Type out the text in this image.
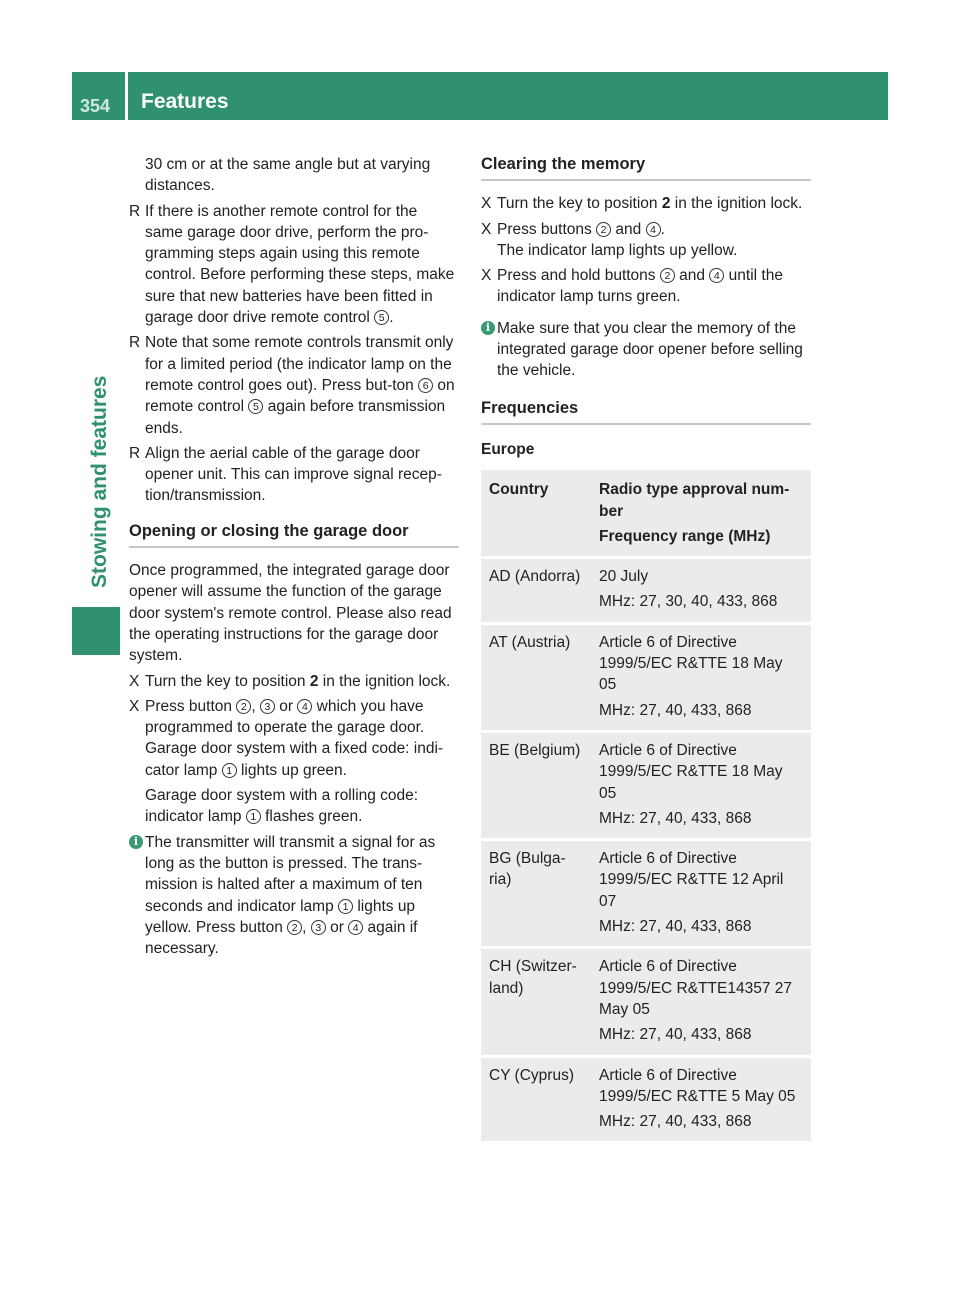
354 Features
Stowing and features

30 cm or at the same angle but at varying distances.

R If there is another remote control for the same garage door drive, perform the pro-gramming steps again using this remote control. Before performing these steps, make sure that new batteries have been fitted in garage door drive remote control 5 .
R Note that some remote controls transmit only for a limited period (the indicator lamp on the remote control goes out). Press but-ton 6 on remote control 5 again before transmission ends.
R Align the aerial cable of the garage door opener unit. This can improve signal recep-tion/transmission.
Opening or closing the garage door

Once programmed, the integrated garage door opener will assume the function of the garage door system's remote control. Please also read the operating instructions for the garage door system.

X Turn the key to position 2 in the ignition lock.
X Press button 2 , 3 or 4 which you have programmed to operate the garage door. Garage door system with a fixed code: indi-cator lamp 1 lights up green.
Garage door system with a rolling code: indicator lamp 1 flashes green.
i The transmitter will transmit a signal for as long as the button is pressed. The trans-mission is halted after a maximum of ten seconds and indicator lamp 1 lights up yellow. Press button 2 , 3 or 4 again if necessary.
Clearing the memory
X Turn the key to position 2 in the ignition lock.
X Press buttons 2 and 4 .
The indicator lamp lights up yellow.
X Press and hold buttons 2 and 4 until the indicator lamp turns green.
i Make sure that you clear the memory of the integrated garage door opener before selling the vehicle.
Frequencies
Europe
Country	Radio type approval num-ber
Frequency range (MHz)

AD (Andorra)	20 July
MHz: 27, 30, 40, 433, 868

AT (Austria)	Article 6 of Directive 1999/5/EC R&TTE 18 May 05
MHz: 27, 40, 433, 868

BE (Belgium)	Article 6 of Directive 1999/5/EC R&TTE 18 May 05
MHz: 27, 40, 433, 868

BG (Bulga-ria)	Article 6 of Directive 1999/5/EC R&TTE 12 April 07
MHz: 27, 40, 433, 868

CH (Switzer-land)	Article 6 of Directive 1999/5/EC R&TTE14357 27 May 05
MHz: 27, 40, 433, 868

CY (Cyprus)	Article 6 of Directive 1999/5/EC R&TTE 5 May 05
MHz: 27, 40, 433, 868
